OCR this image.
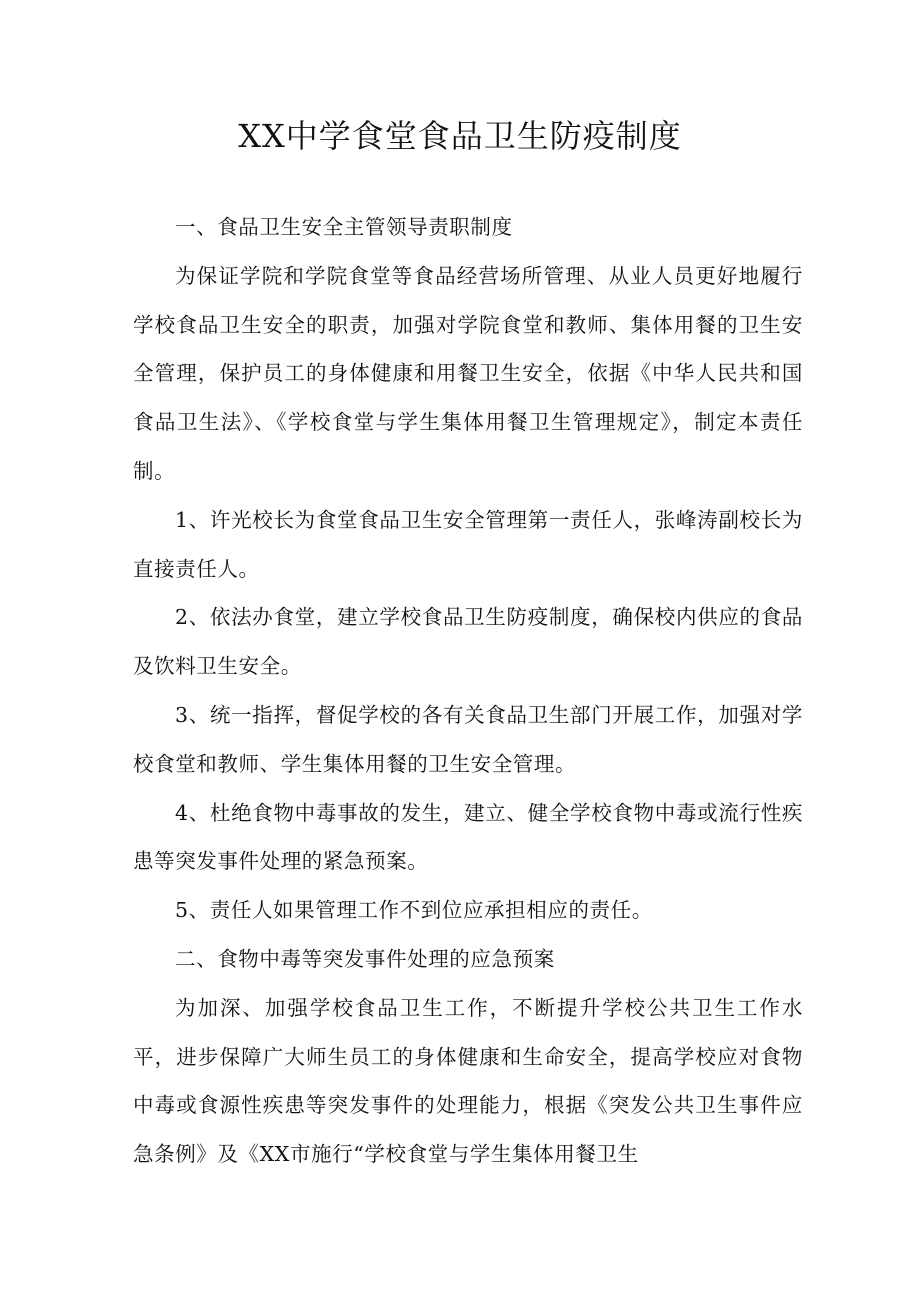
XX中学食堂食品卫生防疫制度

一、食品卫生安全主管领导责职制度

为保证学院和学院食堂等食品经营场所管理、从业人员更好地履行学校食品卫生安全的职责，加强对学院食堂和教师、集体用餐的卫生安全管理，保护员工的身体健康和用餐卫生安全，依据《中华人民共和国食品卫生法》、《学校食堂与学生集体用餐卫生管理规定》，制定本责任制。

1、许光校长为食堂食品卫生安全管理第一责任人，张峰涛副校长为直接责任人。

2、依法办食堂，建立学校食品卫生防疫制度，确保校内供应的食品及饮料卫生安全。

3、统一指挥，督促学校的各有关食品卫生部门开展工作，加强对学校食堂和教师、学生集体用餐的卫生安全管理。

4、杜绝食物中毒事故的发生，建立、健全学校食物中毒或流行性疾患等突发事件处理的紧急预案。

5、责任人如果管理工作不到位应承担相应的责任。

二、食物中毒等突发事件处理的应急预案

为加深、加强学校食品卫生工作，不断提升学校公共卫生工作水平，进步保障广大师生员工的身体健康和生命安全，提高学校应对食物中毒或食源性疾患等突发事件的处理能力，根据《突发公共卫生事件应急条例》及《XX市施行“学校食堂与学生集体用餐卫生
